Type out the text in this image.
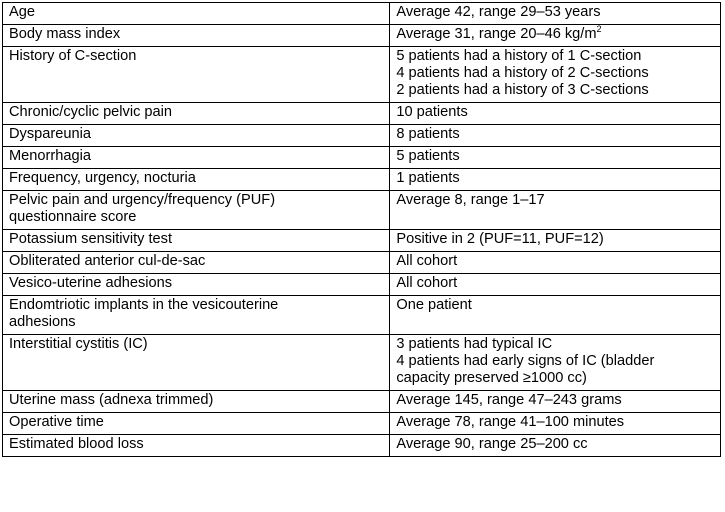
Age	Average 42, range 29–53 years

Body mass index	Average 31, range 20–46 $kg/m^2$

History of C-section	5 patients had a history of 1 C-section
4 patients had a history of 2 C-sections
2 patients had a history of 3 C-sections

Chronic/cyclic pelvic pain	10 patients

Dyspareunia	8 patients

Menorrhagia	5 patients

Frequency, urgency, nocturia	1 patients

Pelvic pain and urgency/frequency (PUF)
questionnaire score	Average 8, range 1–17

Potassium sensitivity test	Positive in 2 (PUF=11, PUF=12)

Obliterated anterior cul-de-sac	All cohort

Vesico-uterine adhesions	All cohort

Endomtriotic implants in the vesicouterine
adhesions	One patient

Interstitial cystitis (IC)	3 patients had typical IC
4 patients had early signs of IC (bladder
capacity preserved ≥1000 cc)

Uterine mass (adnexa trimmed)	Average 145, range 47–243 grams

Operative time	Average 78, range 41–100 minutes

Estimated blood loss	Average 90, range 25–200 cc
